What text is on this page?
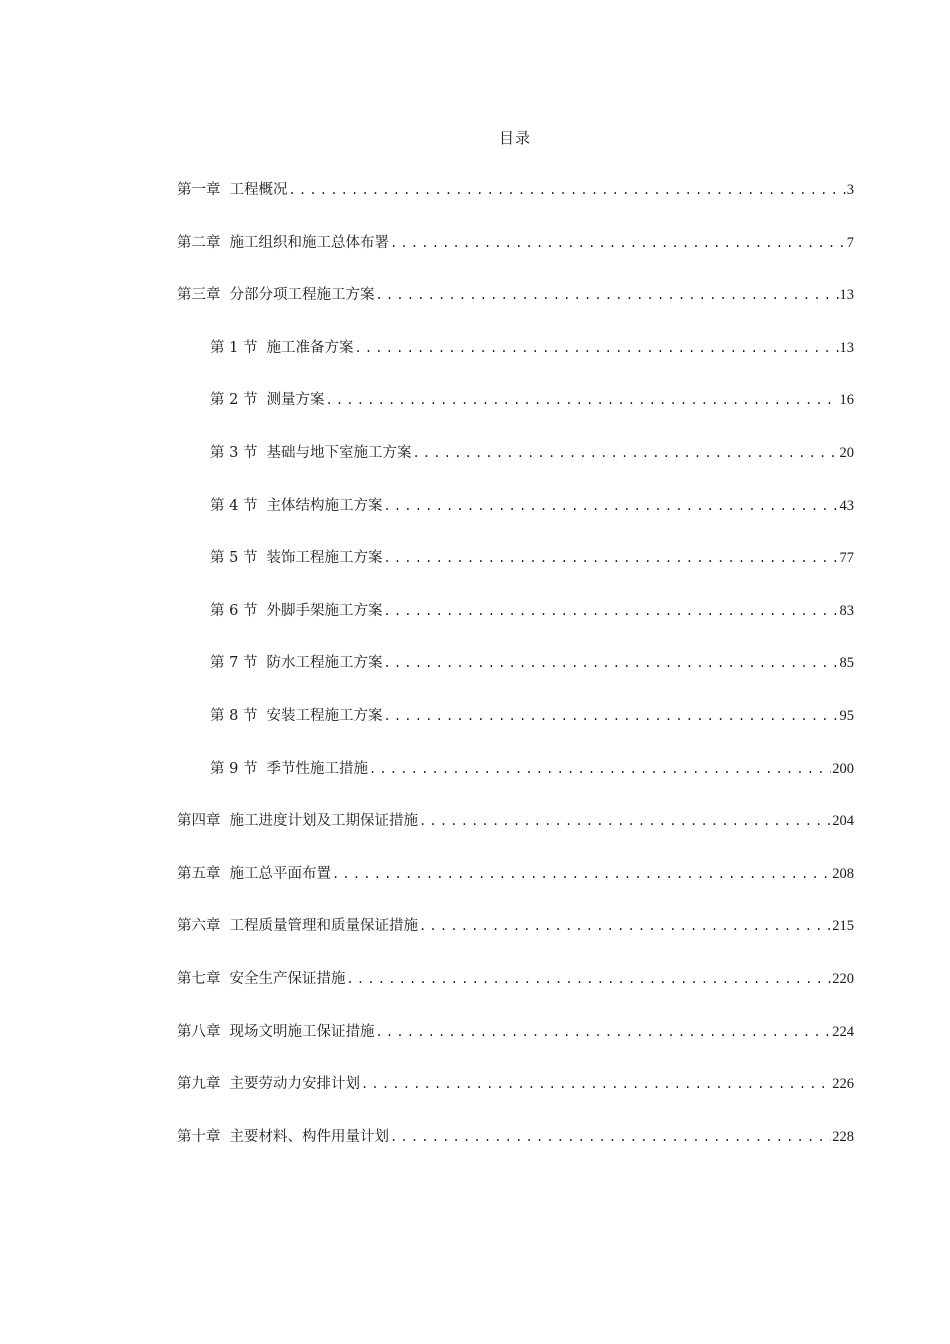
目录
第一章 工程概况 .....	3
第二章 施工组织和施工总体布署 .....	7
第三章 分部分项工程施工方案 .....	13
第 1 节 施工准备方案 .....	13
第 2 节 测量方案 .....	16
第 3 节 基础与地下室施工方案 .....	20
第 4 节 主体结构施工方案 .....	43
第 5 节 装饰工程施工方案 .....	77
第 6 节 外脚手架施工方案 .....	83
第 7 节 防水工程施工方案 .....	85
第 8 节 安装工程施工方案 .....	95
第 9 节 季节性施工措施 .....	200
第四章 施工进度计划及工期保证措施 .....	204
第五章 施工总平面布置 .....	208
第六章 工程质量管理和质量保证措施 .....	215
第七章 安全生产保证措施 .....	220
第八章 现场文明施工保证措施 .....	224
第九章 主要劳动力安排计划 .....	226
第十章 主要材料、构件用量计划 .....	228
